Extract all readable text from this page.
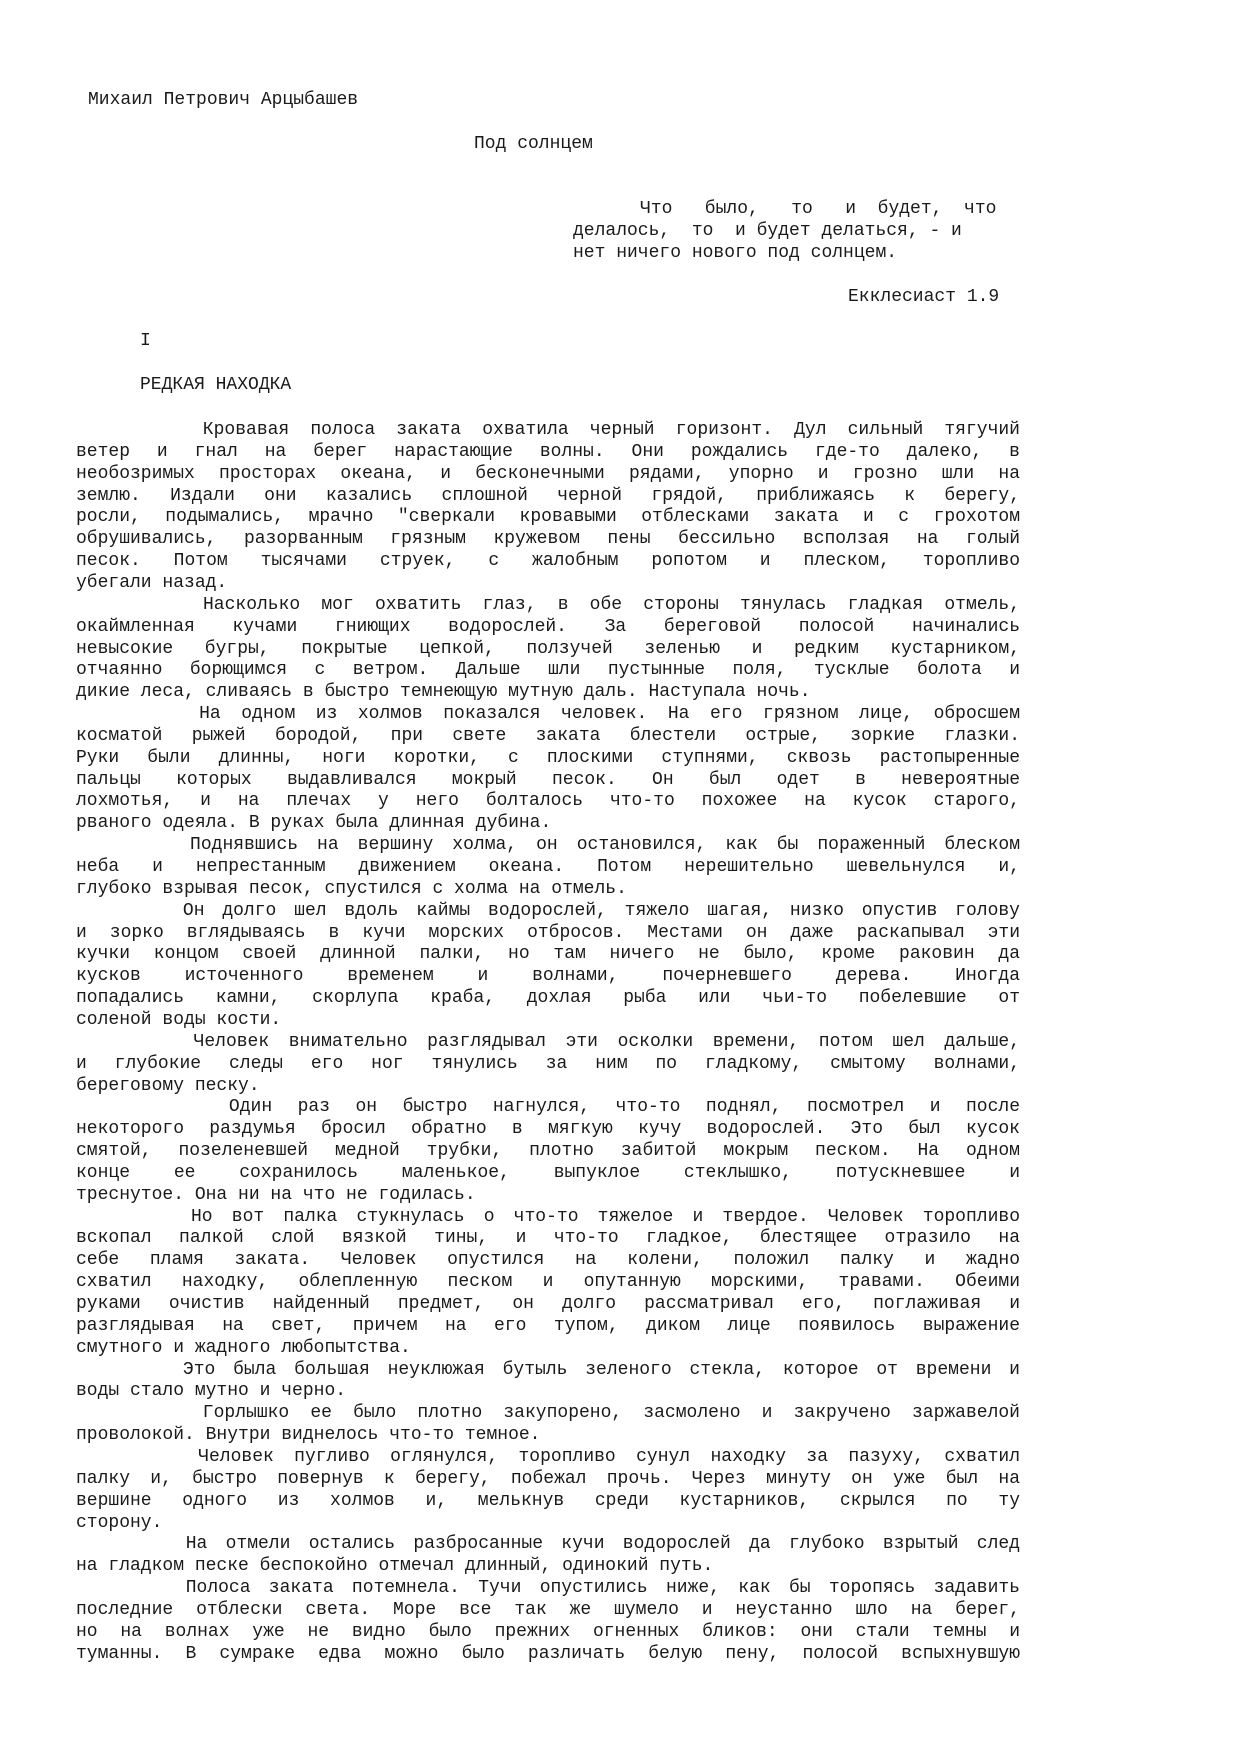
Михаил Петрович Арцыбашев
Под солнцем
Что   было,   то   и  будет,  что
делалось,  то  и будет делаться, - и
нет ничего нового под солнцем.
Екклесиаст 1.9
I
РЕДКАЯ НАХОДКА
Кровавая полоса заката охватила черный горизонт. Дул сильный тягучий
ветер и гнал на берег нарастающие волны. Они рождались где-то далеко, в
необозримых просторах океана, и бесконечными рядами, упорно и грозно шли на
землю. Издали они казались сплошной черной грядой, приближаясь к берегу,
росли, подымались, мрачно "сверкали кровавыми отблесками заката и с грохотом
обрушивались, разорванным грязным кружевом пены бессильно всползая на голый
песок. Потом тысячами струек, с жалобным ропотом и плеском, торопливо
убегали назад.
Насколько мог охватить глаз, в обе стороны тянулась гладкая отмель,
окаймленная кучами гниющих водорослей. За береговой полосой начинались
невысокие бугры, покрытые цепкой, ползучей зеленью и редким кустарником,
отчаянно борющимся с ветром. Дальше шли пустынные поля, тусклые болота и
дикие леса, сливаясь в быстро темнеющую мутную даль. Наступала ночь.
На одном из холмов показался человек. На его грязном лице, обросшем
косматой рыжей бородой, при свете заката блестели острые, зоркие глазки.
Руки были длинны, ноги коротки, с плоскими ступнями, сквозь растопыренные
пальцы которых выдавливался мокрый песок. Он был одет в невероятные
лохмотья, и на плечах у него болталось что-то похожее на кусок старого,
рваного одеяла. В руках была длинная дубина.
Поднявшись на вершину холма, он остановился, как бы пораженный блеском
неба и непрестанным движением океана. Потом нерешительно шевельнулся и,
глубоко взрывая песок, спустился с холма на отмель.
Он долго шел вдоль каймы водорослей, тяжело шагая, низко опустив голову
и зорко вглядываясь в кучи морских отбросов. Местами он даже раскапывал эти
кучки концом своей длинной палки, но там ничего не было, кроме раковин да
кусков источенного временем и волнами, почерневшего дерева. Иногда
попадались камни, скорлупа краба, дохлая рыба или чьи-то побелевшие от
соленой воды кости.
Человек внимательно разглядывал эти осколки времени, потом шел дальше,
и глубокие следы его ног тянулись за ним по гладкому, смытому волнами,
береговому песку.
Один раз он быстро нагнулся, что-то поднял, посмотрел и после
некоторого раздумья бросил обратно в мягкую кучу водорослей. Это был кусок
смятой, позеленевшей медной трубки, плотно забитой мокрым песком. На одном
конце ее сохранилось маленькое, выпуклое стеклышко, потускневшее и
треснутое. Она ни на что не годилась.
Но вот палка стукнулась о что-то тяжелое и твердое. Человек торопливо
вскопал палкой слой вязкой тины, и что-то гладкое, блестящее отразило на
себе пламя заката. Человек опустился на колени, положил палку и жадно
схватил находку, облепленную песком и опутанную морскими, травами. Обеими
руками очистив найденный предмет, он долго рассматривал его, поглаживая и
разглядывая на свет, причем на его тупом, диком лице появилось выражение
смутного и жадного любопытства.
Это была большая неуклюжая бутыль зеленого стекла, которое от времени и
воды стало мутно и черно.
Горлышко ее было плотно закупорено, засмолено и закручено заржавелой
проволокой. Внутри виднелось что-то темное.
Человек пугливо оглянулся, торопливо сунул находку за пазуху, схватил
палку и, быстро повернув к берегу, побежал прочь. Через минуту он уже был на
вершине одного из холмов и, мелькнув среди кустарников, скрылся по ту
сторону.
На отмели остались разбросанные кучи водорослей да глубоко взрытый след
на гладком песке беспокойно отмечал длинный, одинокий путь.
Полоса заката потемнела. Тучи опустились ниже, как бы торопясь задавить
последние отблески света. Море все так же шумело и неустанно шло на берег,
но на волнах уже не видно было прежних огненных бликов: они стали темны и
туманны. В сумраке едва можно было различать белую пену, полосой вспыхнувшую
